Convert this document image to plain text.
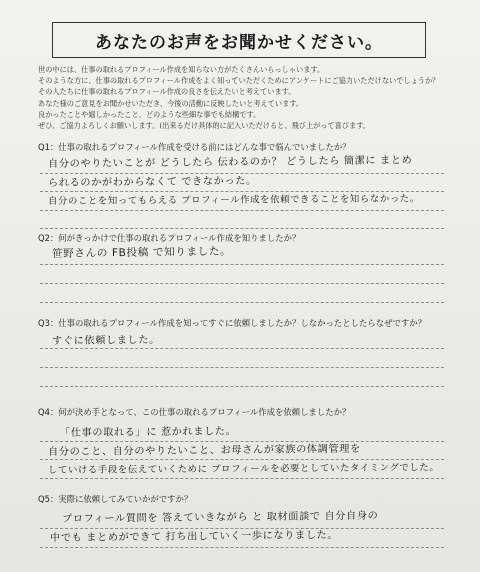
あなたのお声をお聞かせください。
世の中には、仕事の取れるプロフィール作成を知らない方がたくさんいらっしゃいます。
そのような方に、仕事の取れるプロフィール作成をよく知っていただくためにアンケートにご協力いただけないでしょうか？
その人たちに仕事の取れるプロフィール作成の良さを伝えたいと考えています。
あなた様のご意見をお聞かせいただき、今後の活動に反映したいと考えています。
良かったことや嬉しかったこと、どのような些細な事でも結構です。
ぜひ、ご協力よろしくお願いします。(出来るだけ具体的に記入いただけると、飛び上がって喜びます。
Q1：仕事の取れるプロフィール作成を受ける前にはどんな事で悩んでいましたか？
自分のやりたいことが どうしたら 伝わるのか？ どうしたら 簡潔に まとめ
られるのかがわからなくて できなかった。
自分のことを知ってもらえる プロフィール作成を依頼できることを知らなかった。
Q2：何がきっかけで仕事の取れるプロフィール作成を知りましたか？
笹野さんの FB投稿 で知りました。
Q3：仕事の取れるプロフィール作成を知ってすぐに依頼しましたか？しなかったとしたらなぜですか？
すぐに依頼しました。
Q4：何が決め手となって、この仕事の取れるプロフィール作成を依頼しましたか？
「仕事の取れる」に 惹かれました。
自分のこと、自分のやりたいこと、お母さんが家族の体調管理を
していける手段を伝えていくために プロフィールを必要としていたタイミングでした。
Q5：実際に依頼してみていかがですか？
プロフィール質問を 答えていきながら と 取材面談で 自分自身の
中でも まとめができて 打ち出していく一歩になりました。
